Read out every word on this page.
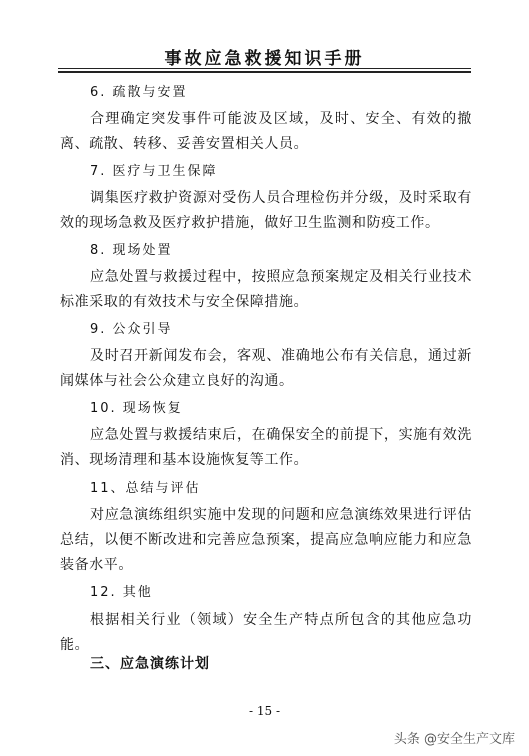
事故应急救援知识手册
6. 疏散与安置
合理确定突发事件可能波及区域，及时、安全、有效的撤离、疏散、转移、妥善安置相关人员。
7. 医疗与卫生保障
调集医疗救护资源对受伤人员合理检伤并分级，及时采取有效的现场急救及医疗救护措施，做好卫生监测和防疫工作。
8. 现场处置
应急处置与救援过程中，按照应急预案规定及相关行业技术标准采取的有效技术与安全保障措施。
9. 公众引导
及时召开新闻发布会，客观、准确地公布有关信息，通过新闻媒体与社会公众建立良好的沟通。
10. 现场恢复
应急处置与救援结束后，在确保安全的前提下，实施有效洗消、现场清理和基本设施恢复等工作。
11、总结与评估
对应急演练组织实施中发现的问题和应急演练效果进行评估总结，以便不断改进和完善应急预案，提高应急响应能力和应急装备水平。
12. 其他
根据相关行业（领域）安全生产特点所包含的其他应急功能。
三、应急演练计划
- 15 -
头条 @安全生产文库
